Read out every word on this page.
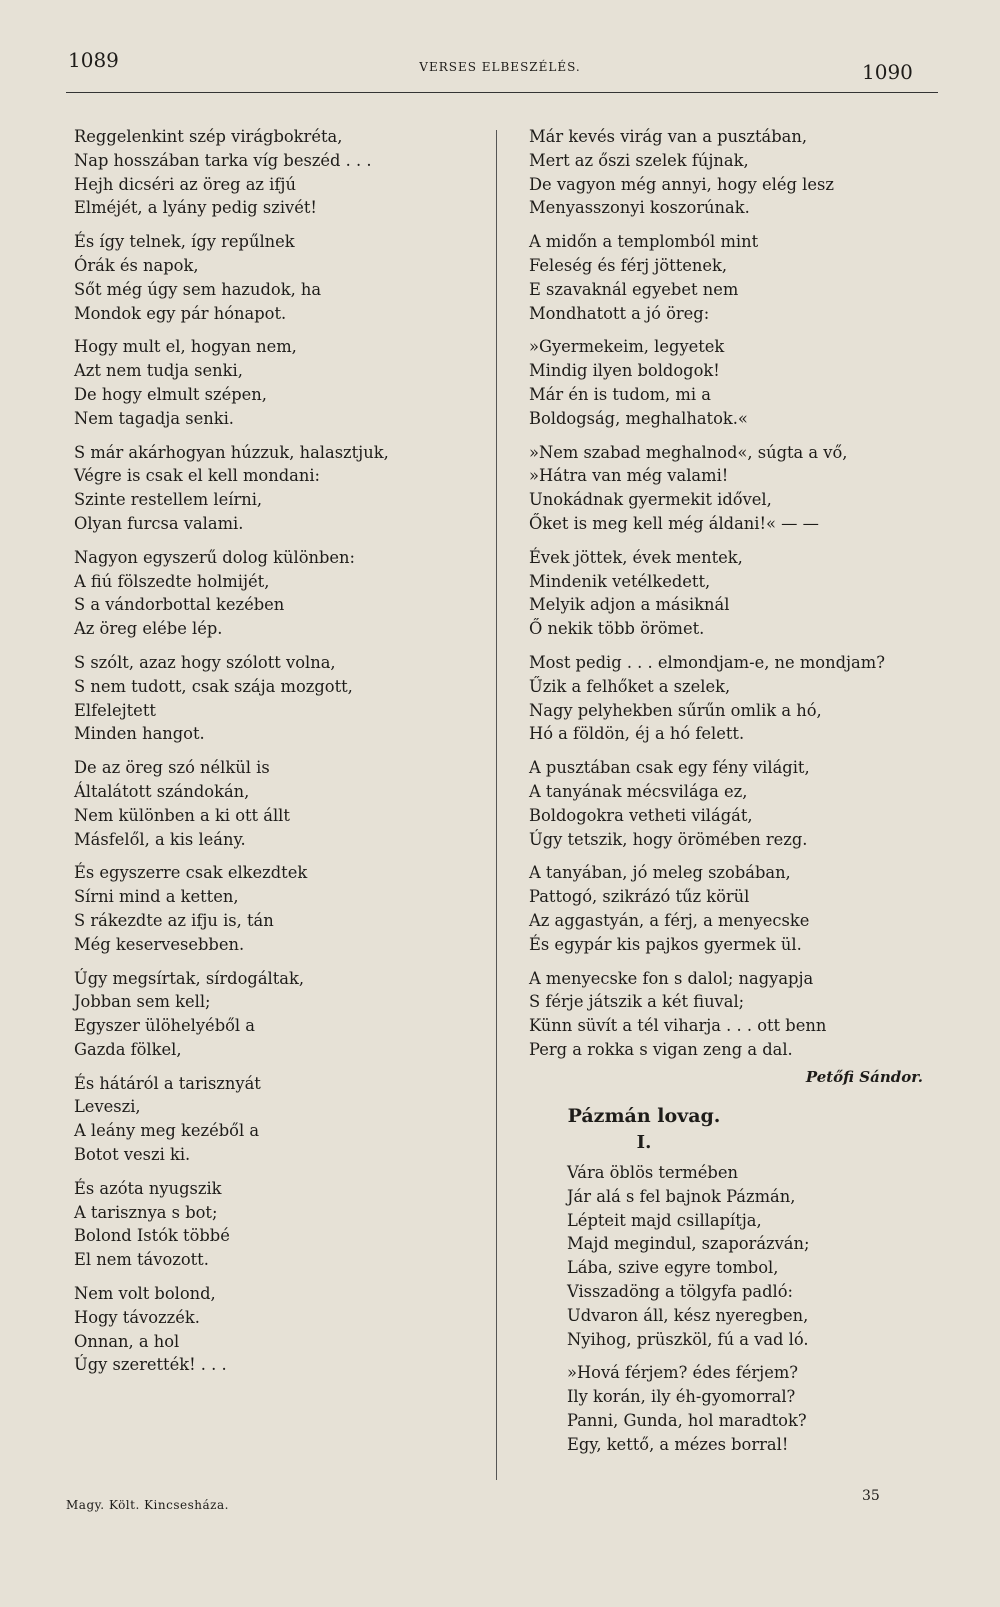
1089	VERSES ELBESZÉLÉS.	1090
Reggelenkint szép virágbokréta,
Nap hosszában tarka víg beszéd . . .
Hejh dicséri az öreg az ifjú
Elméjét, a lyány pedig szivét!
És így telnek, így repűlnek
Órák és napok,
Sőt még úgy sem hazudok, ha
Mondok egy pár hónapot.
Hogy mult el, hogyan nem,
Azt nem tudja senki,
De hogy elmult szépen,
Nem tagadja senki.
S már akárhogyan húzzuk, halasztjuk,
Végre is csak el kell mondani:
Szinte restellem leírni,
Olyan furcsa valami.
Nagyon egyszerű dolog különben:
A fiú fölszedte holmijét,
S a vándorbottal kezében
Az öreg elébe lép.
S szólt, azaz hogy szólott volna,
S nem tudott, csak szája mozgott,
Elfelejtett
Minden hangot.
De az öreg szó nélkül is
Általátott szándokán,
Nem különben a ki ott állt
Másfelől, a kis leány.
És egyszerre csak elkezdtek
Sírni mind a ketten,
S rákezdte az ifju is, tán
Még keservesebben.
Úgy megsírtak, sírdogáltak,
Jobban sem kell;
Egyszer ülöhelyéből a
Gazda fölkel,
És hátáról a tarisznyát
Leveszi,
A leány meg kezéből a
Botot veszi ki.
És azóta nyugszik
A tarisznya s bot;
Bolond Istók többé
El nem távozott.
Nem volt bolond,
Hogy távozzék.
Onnan, a hol
Úgy szerették! . . .
Már kevés virág van a pusztában,
Mert az őszi szelek fújnak,
De vagyon még annyi, hogy elég lesz
Menyasszonyi koszorúnak.
A midőn a templomból mint
Feleség és férj jöttenek,
E szavaknál egyebet nem
Mondhatott a jó öreg:
»Gyermekeim, legyetek
Mindig ilyen boldogok!
Már én is tudom, mi a
Boldogság, meghalhatok.«
»Nem szabad meghalnod«, súgta a vő,
»Hátra van még valami!
Unokádnak gyermekit idővel,
Őket is meg kell még áldani!« — —
Évek jöttek, évek mentek,
Mindenik vetélkedett,
Melyik adjon a másiknál
Ő nekik több örömet.
Most pedig . . . elmondjam-e, ne mondjam?
Űzik a felhőket a szelek,
Nagy pelyhekben sűrűn omlik a hó,
Hó a földön, éj a hó felett.
A pusztában csak egy fény világit,
A tanyának mécsvilága ez,
Boldogokra vetheti világát,
Úgy tetszik, hogy örömében rezg.
A tanyában, jó meleg szobában,
Pattogó, szikrázó tűz körül
Az aggastyán, a férj, a menyecske
És egypár kis pajkos gyermek ül.
A menyecske fon s dalol; nagyapja
S férje játszik a két fiuval;
Künn süvít a tél viharja . . . ott benn
Perg a rokka s vigan zeng a dal.
Petőfi Sándor.
Pázmán lovag.
I.
Vára öblös termében
Jár alá s fel bajnok Pázmán,
Lépteit majd csillapítja,
Majd megindul, szaporázván;
Lába, szive egyre tombol,
Visszadöng a tölgyfa padló:
Udvaron áll, kész nyeregben,
Nyihog, prüszköl, fú a vad ló.
»Hová férjem? édes férjem?
Ily korán, ily éh-gyomorral?
Panni, Gunda, hol maradtok?
Egy, kettő, a mézes borral!
Magy. Költ. Kincsesháza.
35
